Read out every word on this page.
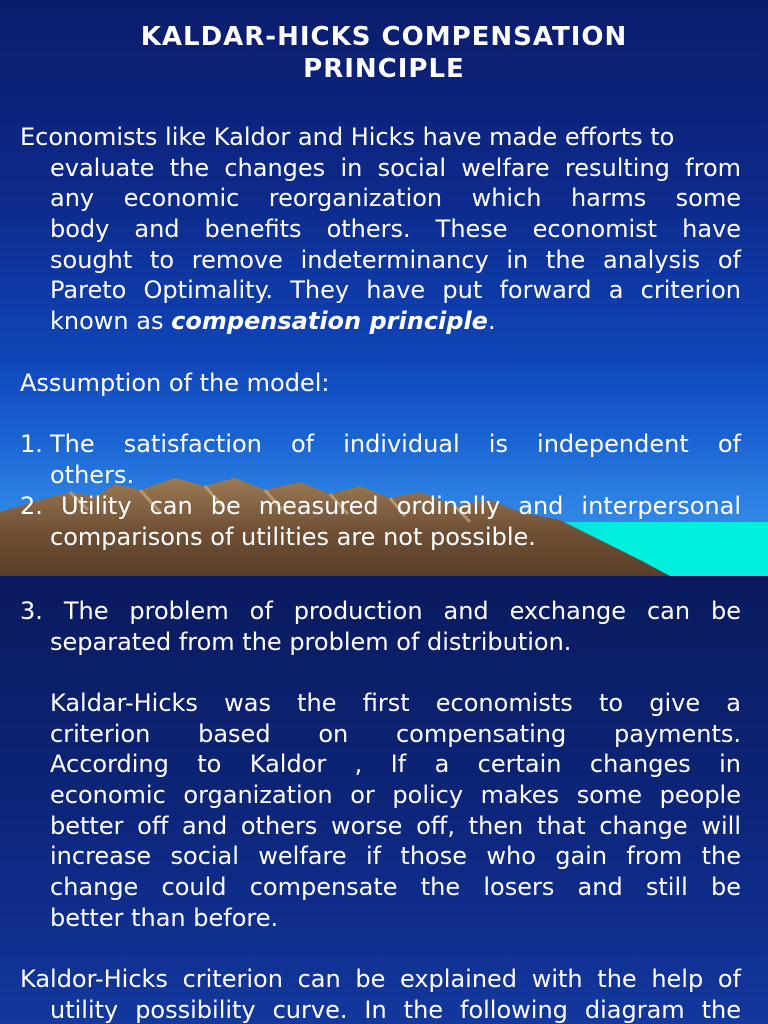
KALDAR-HICKS COMPENSATION
PRINCIPLE
Economists like Kaldor and Hicks have made efforts to
evaluate the changes in social welfare resulting from
any economic reorganization which harms some
body and benefits others. These economist have
sought to remove indeterminancy in the analysis of
Pareto Optimality. They have put forward a criterion
known as compensation principle.
Assumption of the model:
1. The satisfaction of individual is independent of
others.
2. Utility can be measured ordinally and interpersonal
comparisons of utilities are not possible.
3. The problem of production and exchange can be
separated from the problem of distribution.
Kaldar-Hicks was the first economists to give a
criterion based on compensating payments.
According to Kaldor , If a certain changes in
economic organization or policy makes some people
better off and others worse off, then that change will
increase social welfare if those who gain from the
change could compensate the losers and still be
better than before.
Kaldor-Hicks criterion can be explained with the help of
utility possibility curve. In the following diagram the
